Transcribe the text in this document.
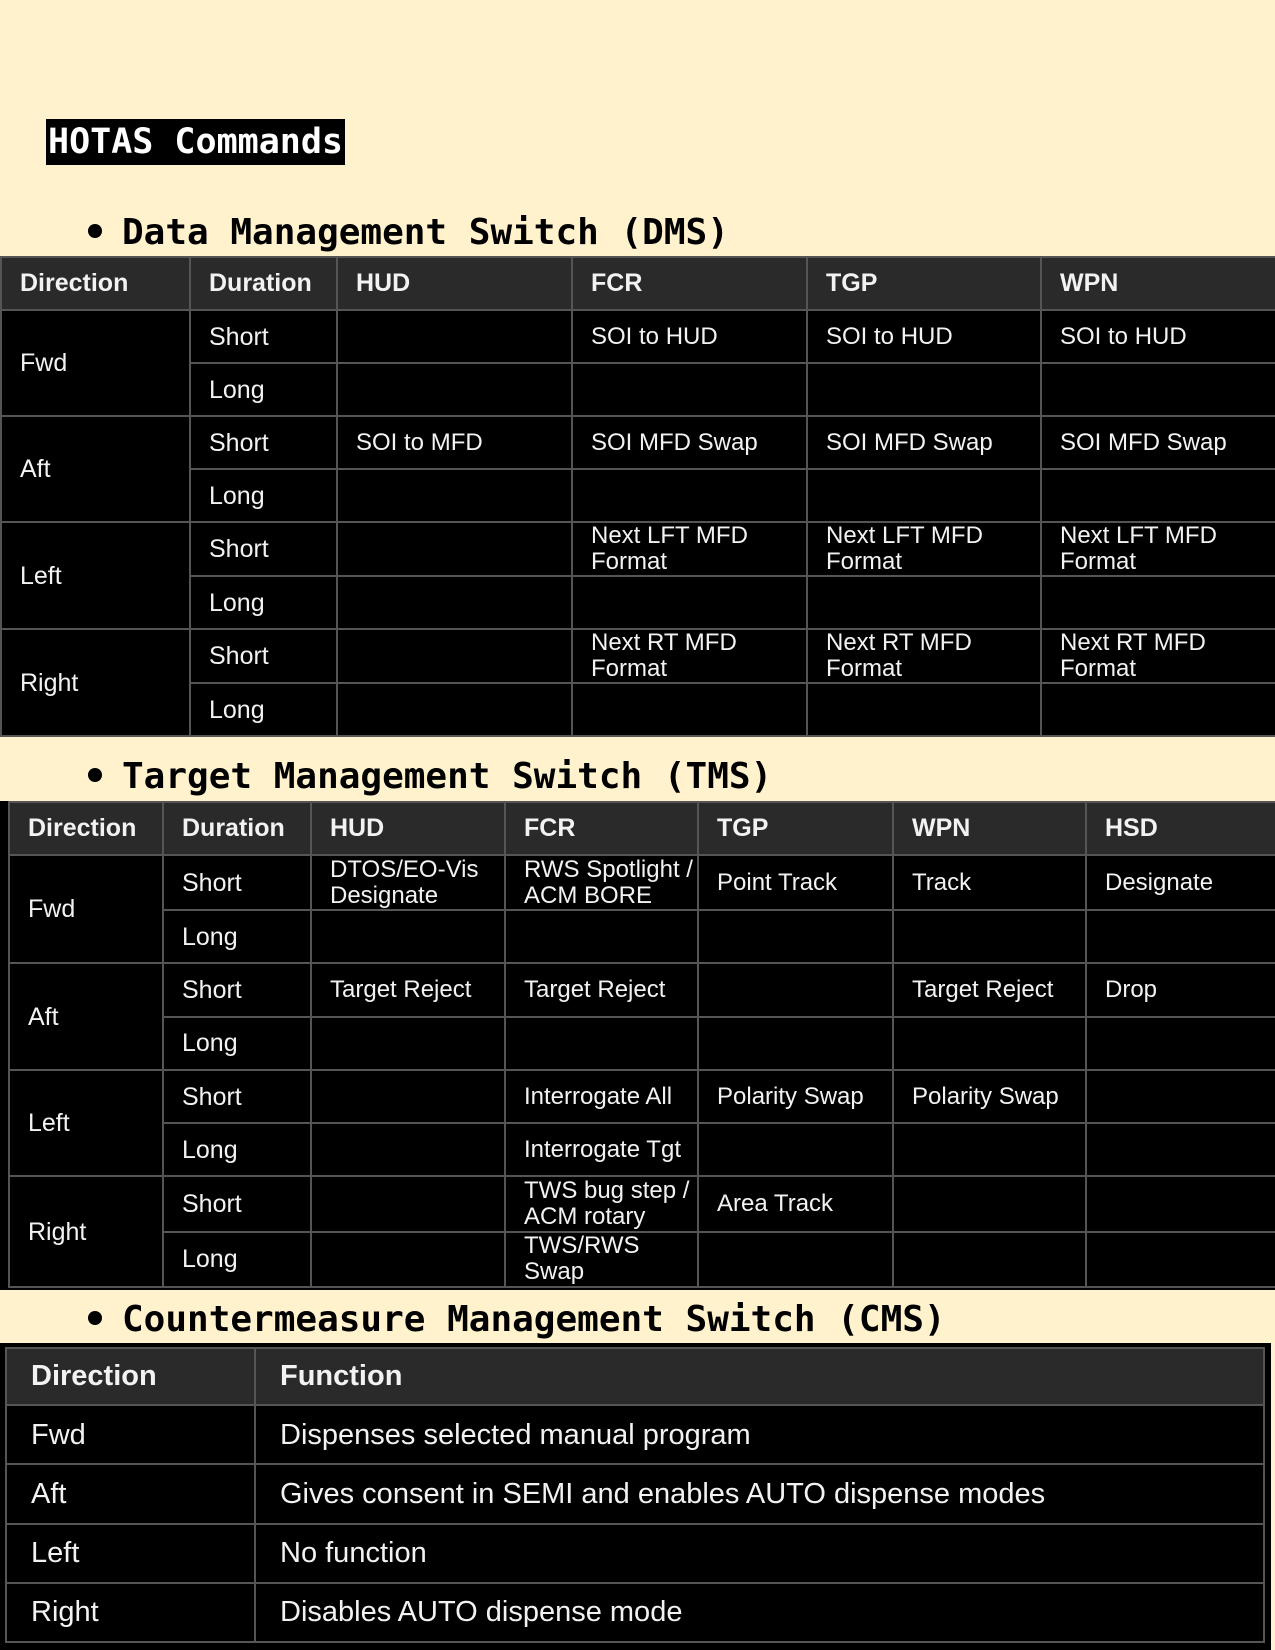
HOTAS Commands
Data Management Switch (DMS)
Direction	Duration	HUD	FCR	TGP	WPN
Fwd	Short		SOI to HUD	SOI to HUD	SOI to HUD
	Long				
Aft	Short	SOI to MFD	SOI MFD Swap	SOI MFD Swap	SOI MFD Swap
	Long				
Left	Short		Next LFT MFD Format	Next LFT MFD Format	Next LFT MFD Format
	Long				
Right	Short		Next RT MFD Format	Next RT MFD Format	Next RT MFD Format
	Long				
Target Management Switch (TMS)
Direction	Duration	HUD	FCR	TGP	WPN	HSD
Fwd	Short	DTOS/EO-Vis Designate	RWS Spotlight / ACM BORE	Point Track	Track	Designate
	Long					
Aft	Short	Target Reject	Target Reject		Target Reject	Drop
	Long					
Left	Short		Interrogate All	Polarity Swap	Polarity Swap	
	Long		Interrogate Tgt			
Right	Short		TWS bug step / ACM rotary	Area Track		
	Long		TWS/RWS Swap			
Countermeasure Management Switch (CMS)
Direction	Function
Fwd	Dispenses selected manual program
Aft	Gives consent in SEMI and enables AUTO dispense modes
Left	No function
Right	Disables AUTO dispense mode
